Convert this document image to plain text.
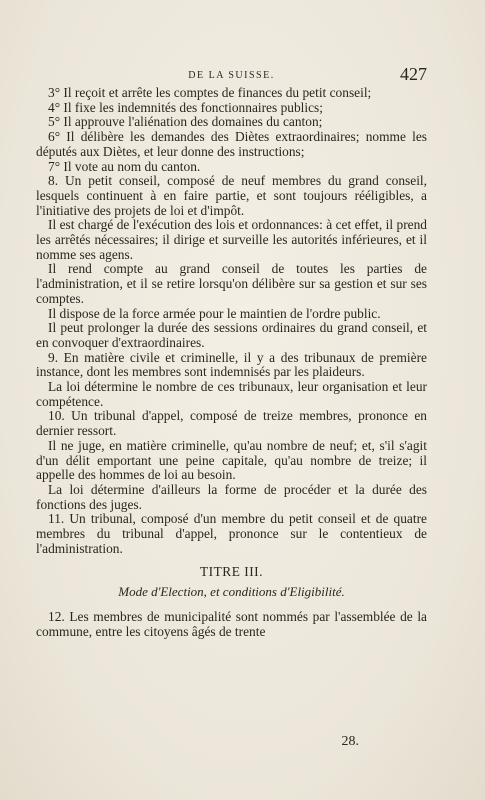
DE LA SUISSE.	427

3° Il reçoit et arrête les comptes de finances du petit conseil;

4° Il fixe les indemnités des fonctionnaires publics;

5° Il approuve l'aliénation des domaines du canton;

6° Il délibère les demandes des Diètes extraordinaires; nomme les députés aux Diètes, et leur donne des instructions;

7° Il vote au nom du canton.

8. Un petit conseil, composé de neuf membres du grand conseil, lesquels continuent à en faire partie, et sont toujours rééligibles, a l'initiative des projets de loi et d'impôt.

Il est chargé de l'exécution des lois et ordonnances: à cet effet, il prend les arrêtés nécessaires; il dirige et surveille les autorités inférieures, et il nomme ses agens.

Il rend compte au grand conseil de toutes les parties de l'administration, et il se retire lorsqu'on délibère sur sa gestion et sur ses comptes.

Il dispose de la force armée pour le maintien de l'ordre public.

Il peut prolonger la durée des sessions ordinaires du grand conseil, et en convoquer d'extraordinaires.

9. En matière civile et criminelle, il y a des tribunaux de première instance, dont les membres sont indemnisés par les plaideurs.

La loi détermine le nombre de ces tribunaux, leur organisation et leur compétence.

10. Un tribunal d'appel, composé de treize membres, prononce en dernier ressort.

Il ne juge, en matière criminelle, qu'au nombre de neuf; et, s'il s'agit d'un délit emportant une peine capitale, qu'au nombre de treize; il appelle des hommes de loi au besoin.

La loi détermine d'ailleurs la forme de procéder et la durée des fonctions des juges.

11. Un tribunal, composé d'un membre du petit conseil et de quatre membres du tribunal d'appel, prononce sur le contentieux de l'administration.

TITRE III.
Mode d'Election, et conditions d'Eligibilité.

12. Les membres de municipalité sont nommés par l'assemblée de la commune, entre les citoyens âgés de trente

28.
